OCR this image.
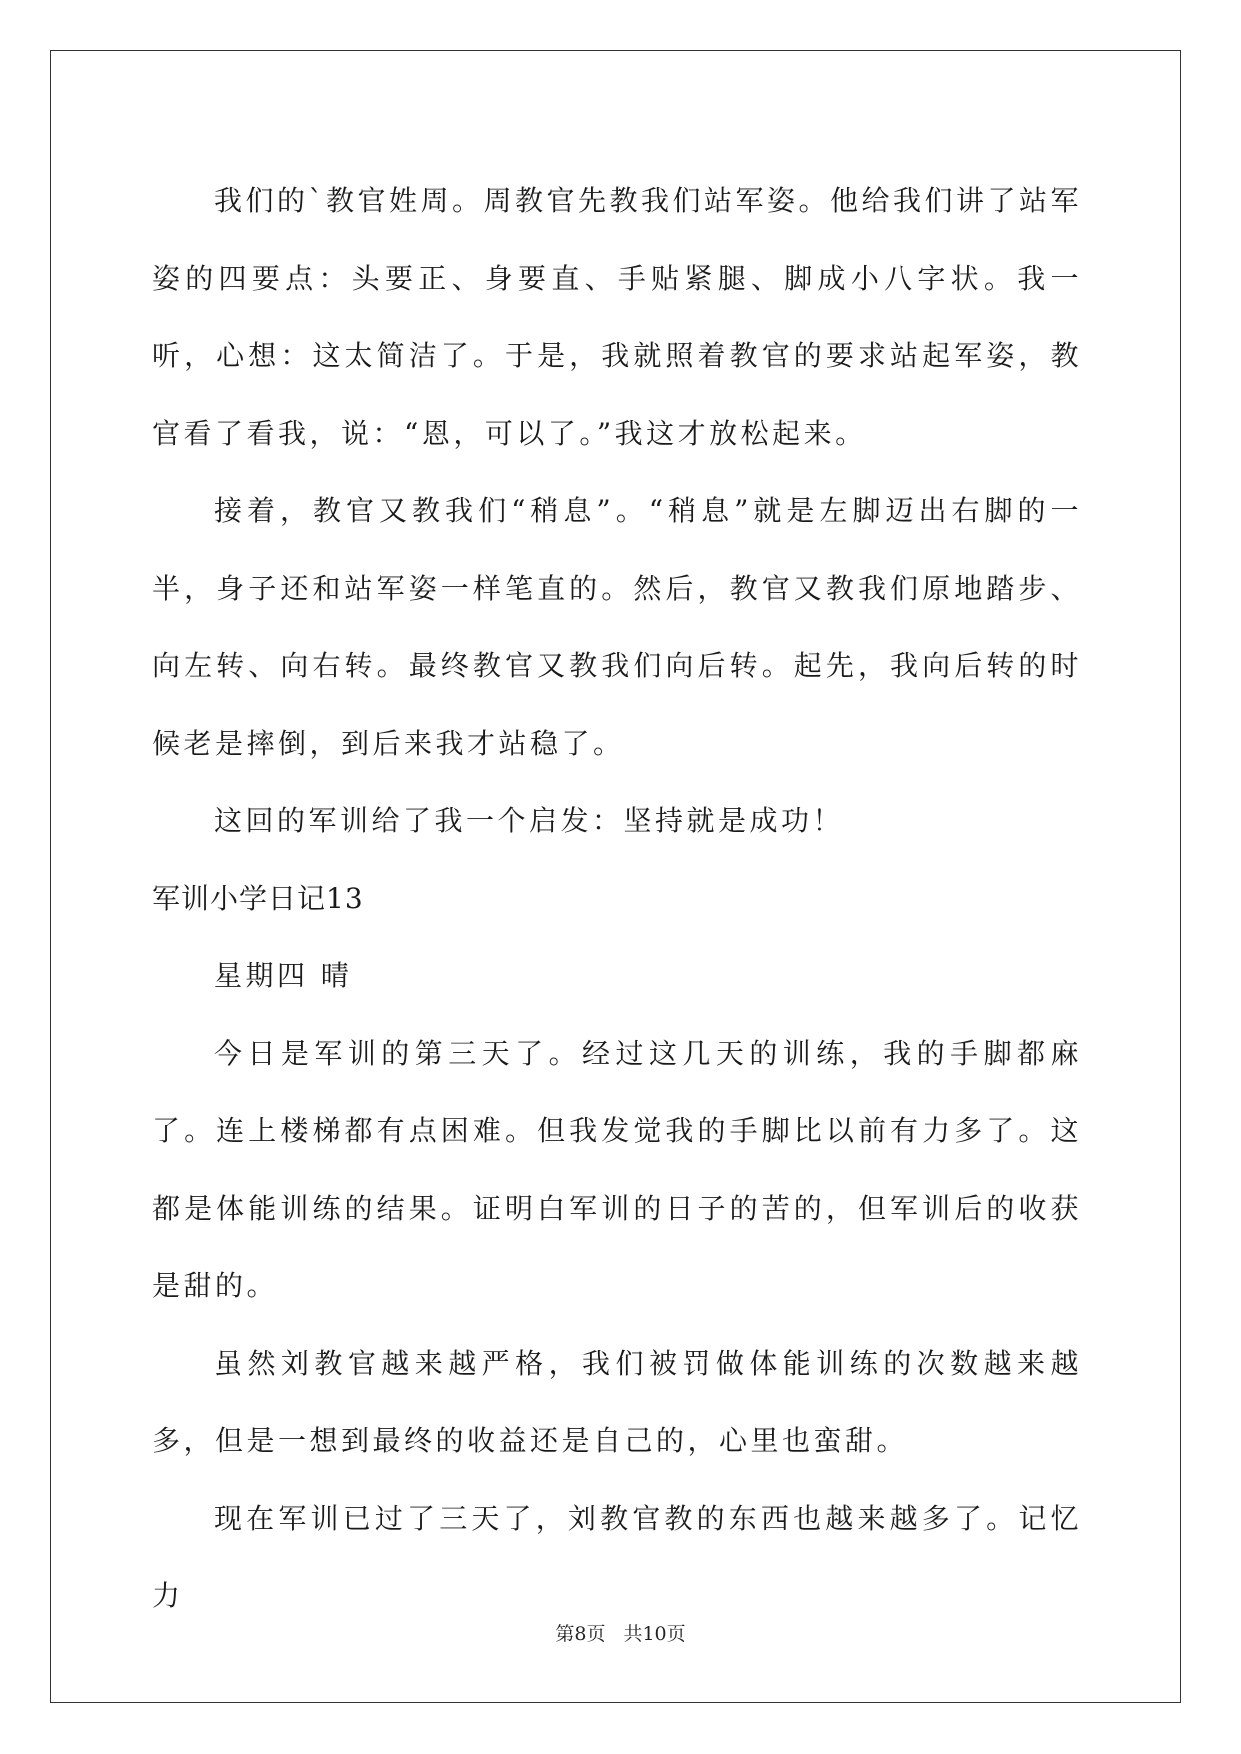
我们的`教官姓周。周教官先教我们站军姿。他给我们讲了站军姿的四要点：头要正、身要直、手贴紧腿、脚成小八字状。我一听，心想：这太简洁了。于是，我就照着教官的要求站起军姿，教官看了看我，说：“恩，可以了。”我这才放松起来。

接着，教官又教我们“稍息”。“稍息”就是左脚迈出右脚的一半，身子还和站军姿一样笔直的。然后，教官又教我们原地踏步、向左转、向右转。最终教官又教我们向后转。起先，我向后转的时候老是摔倒，到后来我才站稳了。

这回的军训给了我一个启发：坚持就是成功！

军训小学日记13

星期四 晴

今日是军训的第三天了。经过这几天的训练，我的手脚都麻了。连上楼梯都有点困难。但我发觉我的手脚比以前有力多了。这都是体能训练的结果。证明白军训的日子的苦的，但军训后的收获是甜的。

虽然刘教官越来越严格，我们被罚做体能训练的次数越来越多，但是一想到最终的收益还是自己的，心里也蛮甜。

现在军训已过了三天了，刘教官教的东西也越来越多了。记忆力

第8页 共10页
